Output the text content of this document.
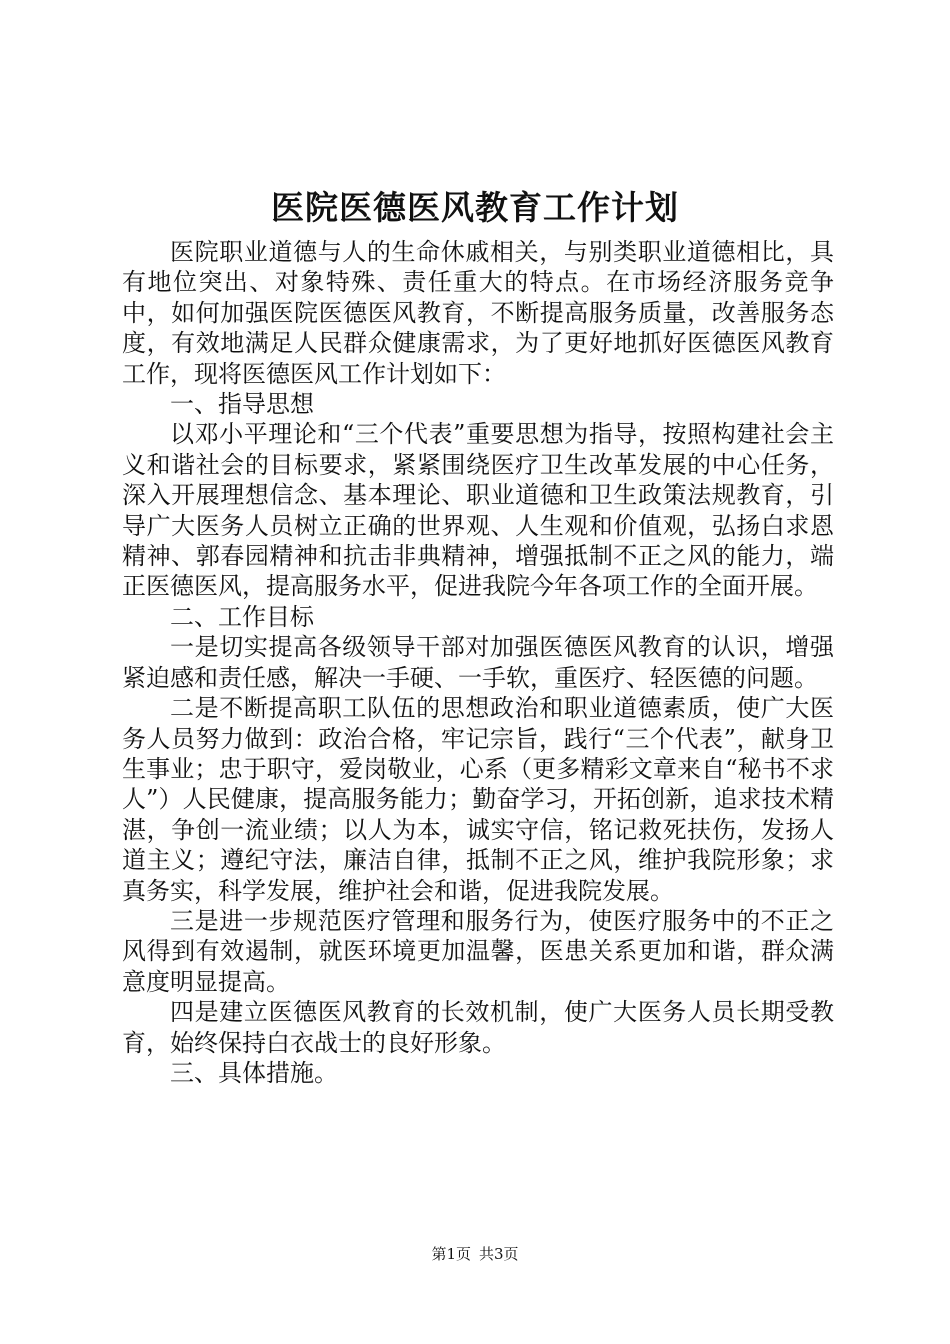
医院医德医风教育工作计划

医院职业道德与人的生命休戚相关，与别类职业道德相比，具有地位突出、对象特殊、责任重大的特点。在市场经济服务竞争中，如何加强医院医德医风教育，不断提高服务质量，改善服务态度，有效地满足人民群众健康需求，为了更好地抓好医德医风教育工作，现将医德医风工作计划如下：

一、指导思想

以邓小平理论和“三个代表”重要思想为指导，按照构建社会主义和谐社会的目标要求，紧紧围绕医疗卫生改革发展的中心任务，深入开展理想信念、基本理论、职业道德和卫生政策法规教育，引导广大医务人员树立正确的世界观、人生观和价值观，弘扬白求恩精神、郭春园精神和抗击非典精神，增强抵制不正之风的能力，端正医德医风，提高服务水平，促进我院今年各项工作的全面开展。

二、工作目标

一是切实提高各级领导干部对加强医德医风教育的认识，增强紧迫感和责任感，解决一手硬、一手软，重医疗、轻医德的问题。

二是不断提高职工队伍的思想政治和职业道德素质，使广大医务人员努力做到：政治合格，牢记宗旨，践行“三个代表”，献身卫生事业；忠于职守，爱岗敬业，心系（更多精彩文章来自“秘书不求人”）人民健康，提高服务能力；勤奋学习，开拓创新，追求技术精湛，争创一流业绩；以人为本，诚实守信，铭记救死扶伤，发扬人道主义；遵纪守法，廉洁自律，抵制不正之风，维护我院形象；求真务实，科学发展，维护社会和谐，促进我院发展。

三是进一步规范医疗管理和服务行为，使医疗服务中的不正之风得到有效遏制，就医环境更加温馨，医患关系更加和谐，群众满意度明显提高。

四是建立医德医风教育的长效机制，使广大医务人员长期受教育，始终保持白衣战士的良好形象。

三、具体措施。

第1页 共3页
